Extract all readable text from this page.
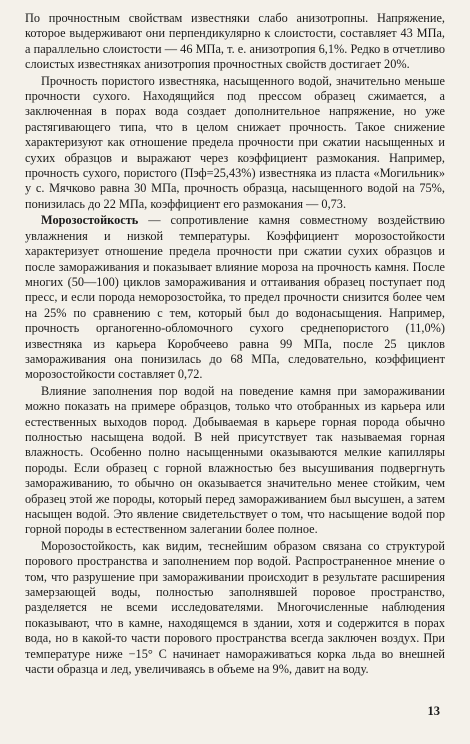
По прочностным свойствам известняки слабо анизотропны. Напряжение, которое выдерживают они перпендикулярно к слоистости, составляет 43 МПа, а параллельно слоистости — 46 МПа, т. е. анизотропия 6,1%. Редко в отчетливо слоистых известняках анизотропия прочностных свойств достигает 20%.

Прочность пористого известняка, насыщенного водой, значительно меньше прочности сухого. Находящийся под прессом образец сжимается, а заключенная в порах вода создает дополнительное напряжение, но уже растягивающего типа, что в целом снижает прочность. Такое снижение характеризуют как отношение предела прочности при сжатии насыщенных и сухих образцов и выражают через коэффициент размокания. Например, прочность сухого, пористого (Пэф=25,43%) известняка из пласта «Могильник» у с. Мячково равна 30 МПа, прочность образца, насыщенного водой на 75%, понизилась до 22 МПа, коэффициент его размокания — 0,73.

Морозостойкость — сопротивление камня совместному воздействию увлажнения и низкой температуры. Коэффициент морозостойкости характеризует отношение предела прочности при сжатии сухих образцов и после замораживания и показывает влияние мороза на прочность камня. После многих (50—100) циклов замораживания и оттаивания образец поступает под пресс, и если порода неморозостойка, то предел прочности снизится более чем на 25% по сравнению с тем, который был до водонасыщения. Например, прочность органогенно-обломочного сухого среднепористого (11,0%) известняка из карьера Коробчеево равна 99 МПа, после 25 циклов замораживания она понизилась до 68 МПа, следовательно, коэффициент морозостойкости составляет 0,72.

Влияние заполнения пор водой на поведение камня при замораживании можно показать на примере образцов, только что отобранных из карьера или естественных выходов пород. Добываемая в карьере горная порода обычно полностью насыщена водой. В ней присутствует так называемая горная влажность. Особенно полно насыщенными оказываются мелкие капилляры породы. Если образец с горной влажностью без высушивания подвергнуть замораживанию, то обычно он оказывается значительно менее стойким, чем образец этой же породы, который перед замораживанием был высушен, а затем насыщен водой. Это явление свидетельствует о том, что насыщение водой пор горной породы в естественном залегании более полное.

Морозостойкость, как видим, теснейшим образом связана со структурой порового пространства и заполнением пор водой. Распространенное мнение о том, что разрушение при замораживании происходит в результате расширения замерзающей воды, полностью заполнявшей поровое пространство, разделяется не всеми исследователями. Многочисленные наблюдения показывают, что в камне, находящемся в здании, хотя и содержится в порах вода, но в какой-то части порового пространства всегда заключен воздух. При температуре ниже −15° С начинает намораживаться корка льда во внешней части образца и лед, увеличиваясь в объеме на 9%, давит на воду.

13
